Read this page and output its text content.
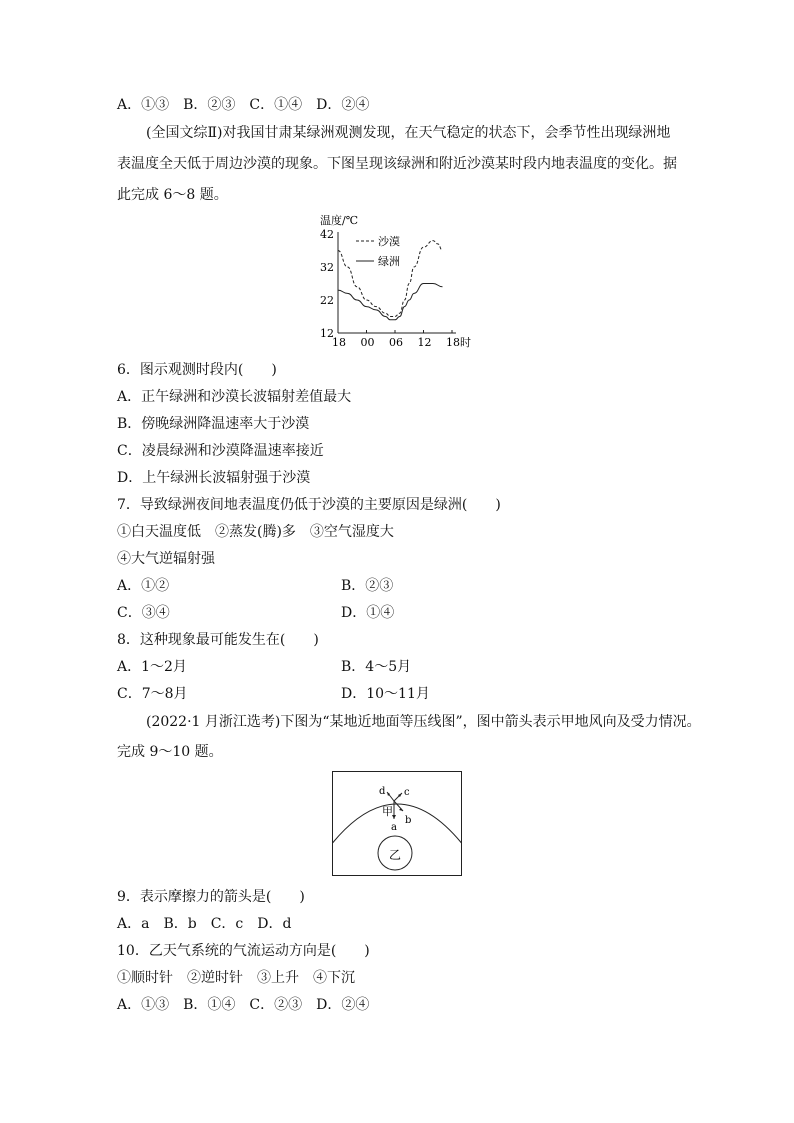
A．①③　B．②③　C．①④　D．②④
(全国文综Ⅱ)对我国甘肃某绿洲观测发现，在天气稳定的状态下，会季节性出现绿洲地
表温度全天低于周边沙漠的现象。下图呈现该绿洲和附近沙漠某时段内地表温度的变化。据
此完成 6～8 题。
温度/℃
12
22
32
42
18 00 06 12 18时
沙漠
绿洲
6．图示观测时段内(　　)
A．正午绿洲和沙漠长波辐射差值最大
B．傍晚绿洲降温速率大于沙漠
C．凌晨绿洲和沙漠降温速率接近
D．上午绿洲长波辐射强于沙漠
7．导致绿洲夜间地表温度仍低于沙漠的主要原因是绿洲(　　)
①白天温度低　②蒸发(腾)多　③空气湿度大
④大气逆辐射强
A．①②	B．②③
C．③④	D．①④
8．这种现象最可能发生在(　　)
A．1～2月	B．4～5月
C．7～8月	D．10～11月
(2022·1 月浙江选考)下图为“某地近地面等压线图”，图中箭头表示甲地风向及受力情况。
完成 9～10 题。
乙
d c
甲
b
a
9．表示摩擦力的箭头是(　　)
A．a　B．b　C．c　D．d
10．乙天气系统的气流运动方向是(　　)
①顺时针　②逆时针　③上升　④下沉
A．①③　B．①④　C．②③　D．②④
